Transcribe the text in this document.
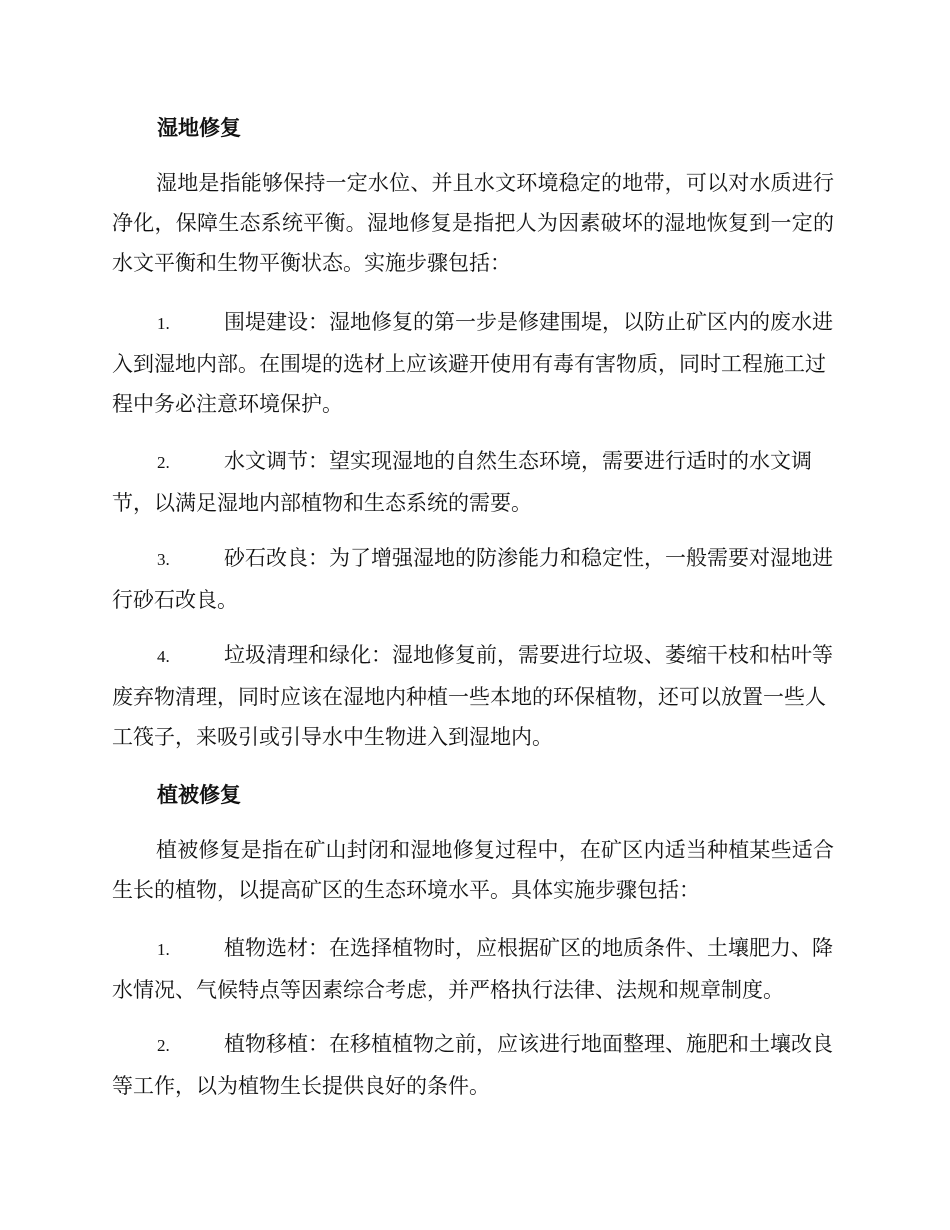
湿地修复

湿地是指能够保持一定水位、并且水文环境稳定的地带，可以对水质进行净化，保障生态系统平衡。湿地修复是指把人为因素破坏的湿地恢复到一定的水文平衡和生物平衡状态。实施步骤包括：

1.	围堤建设：湿地修复的第一步是修建围堤，以防止矿区内的废水进入到湿地内部。在围堤的选材上应该避开使用有毒有害物质，同时工程施工过程中务必注意环境保护。
2.	水文调节：望实现湿地的自然生态环境，需要进行适时的水文调节，以满足湿地内部植物和生态系统的需要。
3.	砂石改良：为了增强湿地的防渗能力和稳定性，一般需要对湿地进行砂石改良。
4.	垃圾清理和绿化：湿地修复前，需要进行垃圾、萎缩干枝和枯叶等废弃物清理，同时应该在湿地内种植一些本地的环保植物，还可以放置一些人工筏子，来吸引或引导水中生物进入到湿地内。
植被修复

植被修复是指在矿山封闭和湿地修复过程中，在矿区内适当种植某些适合生长的植物，以提高矿区的生态环境水平。具体实施步骤包括：

1.	植物选材：在选择植物时，应根据矿区的地质条件、土壤肥力、降水情况、气候特点等因素综合考虑，并严格执行法律、法规和规章制度。
2.	植物移植：在移植植物之前，应该进行地面整理、施肥和土壤改良等工作，以为植物生长提供良好的条件。
